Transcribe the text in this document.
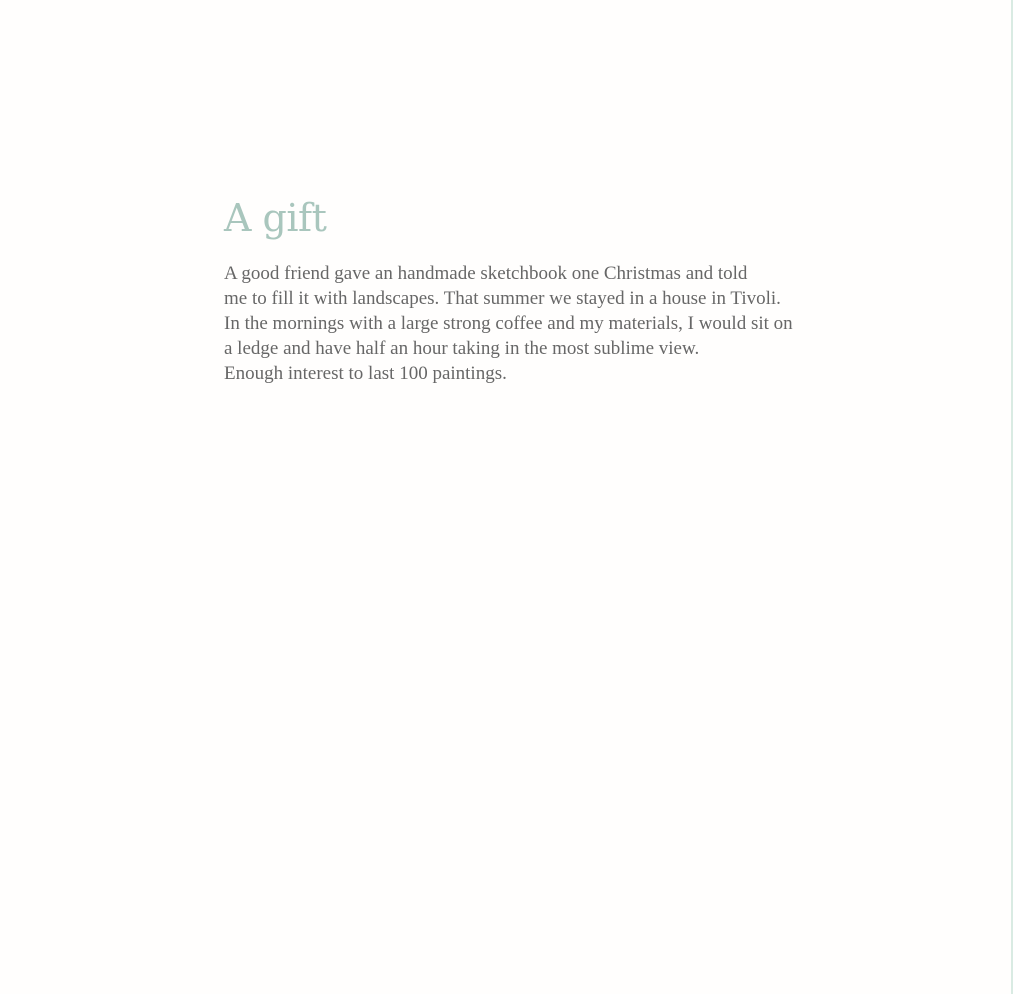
A gift
A good friend gave an handmade sketchbook one Christmas and told
me to fill it with landscapes. That summer we stayed in a house in Tivoli.
In the mornings with a large strong coffee and my materials, I would sit on
a ledge and have half an hour taking in the most sublime view.
Enough interest to last 100 paintings.
